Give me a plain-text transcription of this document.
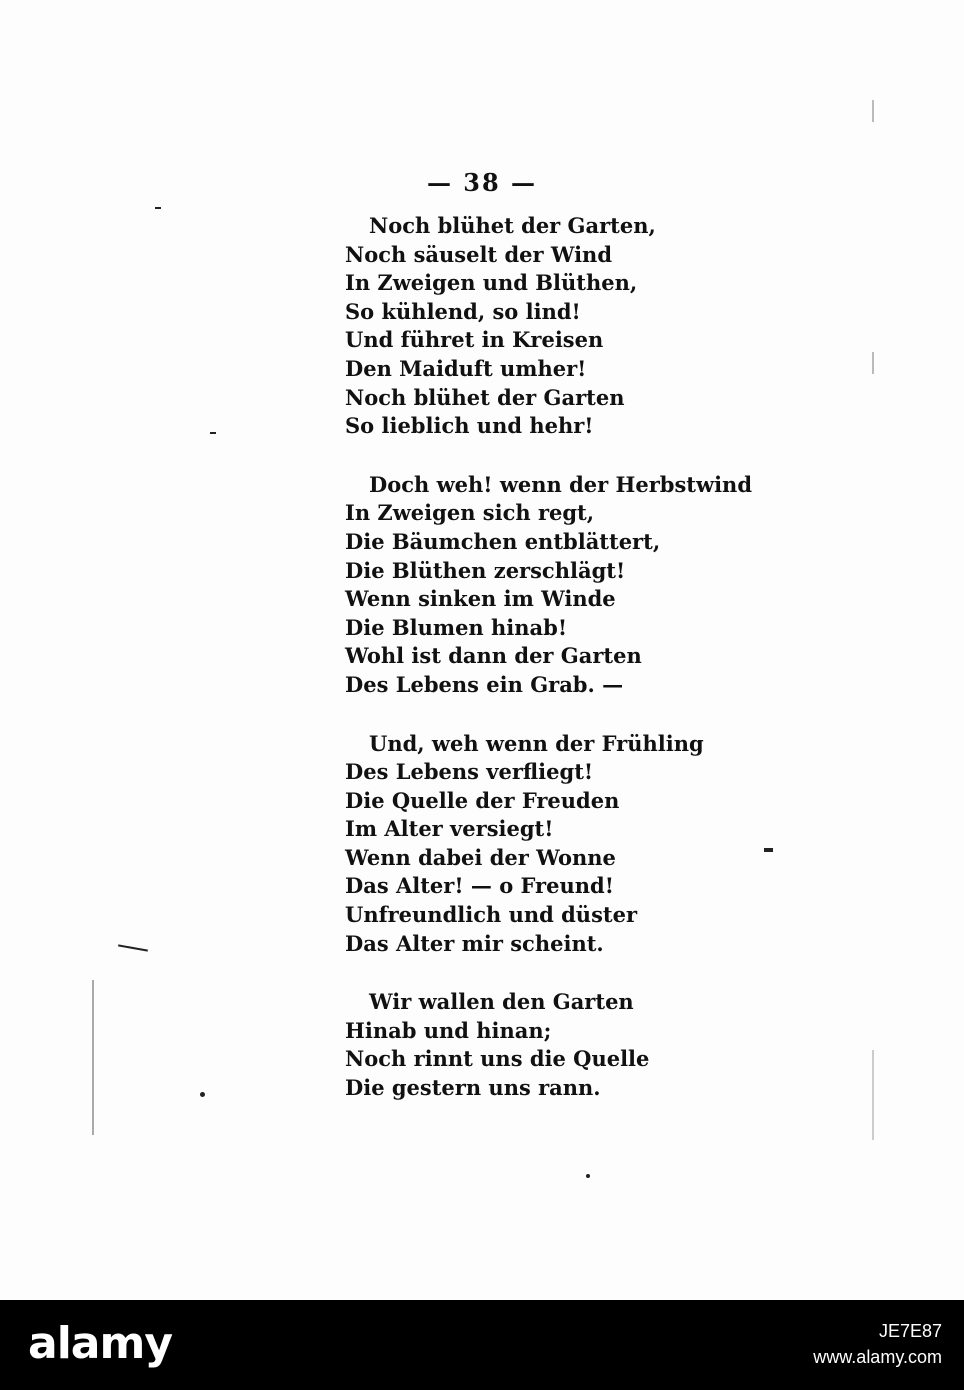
— 38 —
Noch blühet der Garten,
Noch säuselt der Wind
In Zweigen und Blüthen,
So kühlend, so lind!
Und führet in Kreisen
Den Maiduft umher!
Noch blühet der Garten
So lieblich und hehr!
Doch weh! wenn der Herbstwind
In Zweigen sich regt,
Die Bäumchen entblättert,
Die Blüthen zerschlägt!
Wenn sinken im Winde
Die Blumen hinab!
Wohl ist dann der Garten
Des Lebens ein Grab. —
Und, weh wenn der Frühling
Des Lebens verfliegt!
Die Quelle der Freuden
Im Alter versiegt!
Wenn dabei der Wonne
Das Alter! — o Freund!
Unfreundlich und düster
Das Alter mir scheint.
Wir wallen den Garten
Hinab und hinan;
Noch rinnt uns die Quelle
Die gestern uns rann.
alamy	JE7E87
www.alamy.com
